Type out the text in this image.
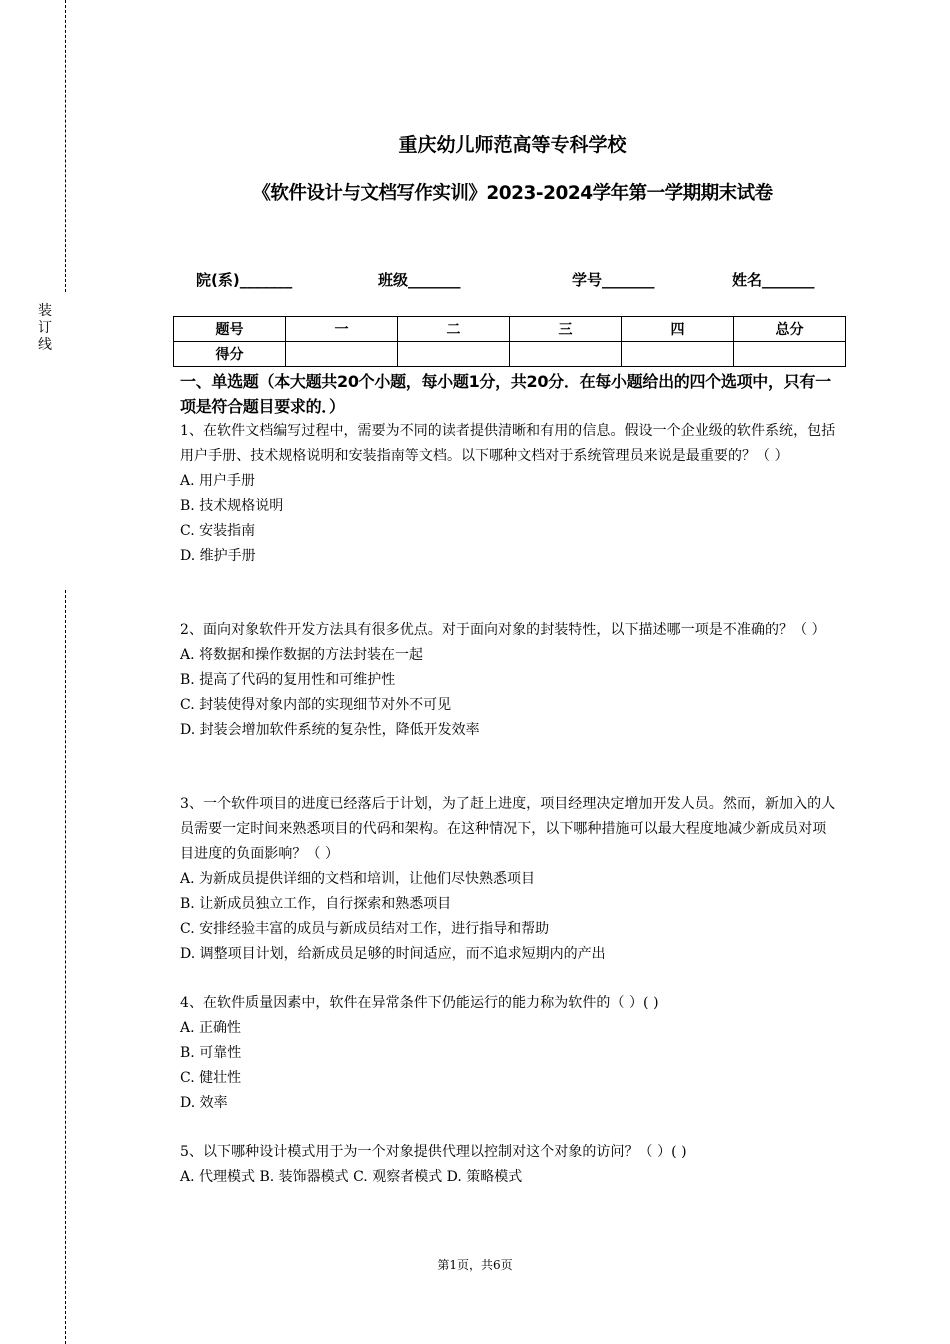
装
订
线
重庆幼儿师范高等专科学校
《软件设计与文档写作实训》2023-2024学年第一学期期末试卷
院(系)_______	班级_______	学号_______	姓名_______
题号	一	二	三	四	总分
得分					
一、单选题（本大题共20个小题，每小题1分，共20分．在每小题给出的四个选项中，只有一项是符合题目要求的．）
1、在软件文档编写过程中，需要为不同的读者提供清晰和有用的信息。假设一个企业级的软件系统，包括用户手册、技术规格说明和安装指南等文档。以下哪种文档对于系统管理员来说是最重要的？（ ）
A. 用户手册
B. 技术规格说明
C. 安装指南
D. 维护手册
2、面向对象软件开发方法具有很多优点。对于面向对象的封装特性，以下描述哪一项是不准确的？（ ）
A. 将数据和操作数据的方法封装在一起
B. 提高了代码的复用性和可维护性
C. 封装使得对象内部的实现细节对外不可见
D. 封装会增加软件系统的复杂性，降低开发效率
3、一个软件项目的进度已经落后于计划，为了赶上进度，项目经理决定增加开发人员。然而，新加入的人员需要一定时间来熟悉项目的代码和架构。在这种情况下，以下哪种措施可以最大程度地减少新成员对项目进度的负面影响？（ ）
A. 为新成员提供详细的文档和培训，让他们尽快熟悉项目
B. 让新成员独立工作，自行探索和熟悉项目
C. 安排经验丰富的成员与新成员结对工作，进行指导和帮助
D. 调整项目计划，给新成员足够的时间适应，而不追求短期内的产出
4、在软件质量因素中，软件在异常条件下仍能运行的能力称为软件的（ ）( )
A. 正确性
B. 可靠性
C. 健壮性
D. 效率
5、以下哪种设计模式用于为一个对象提供代理以控制对这个对象的访问？（ ）( )
A. 代理模式 B. 装饰器模式 C. 观察者模式 D. 策略模式
第1页，共6页
